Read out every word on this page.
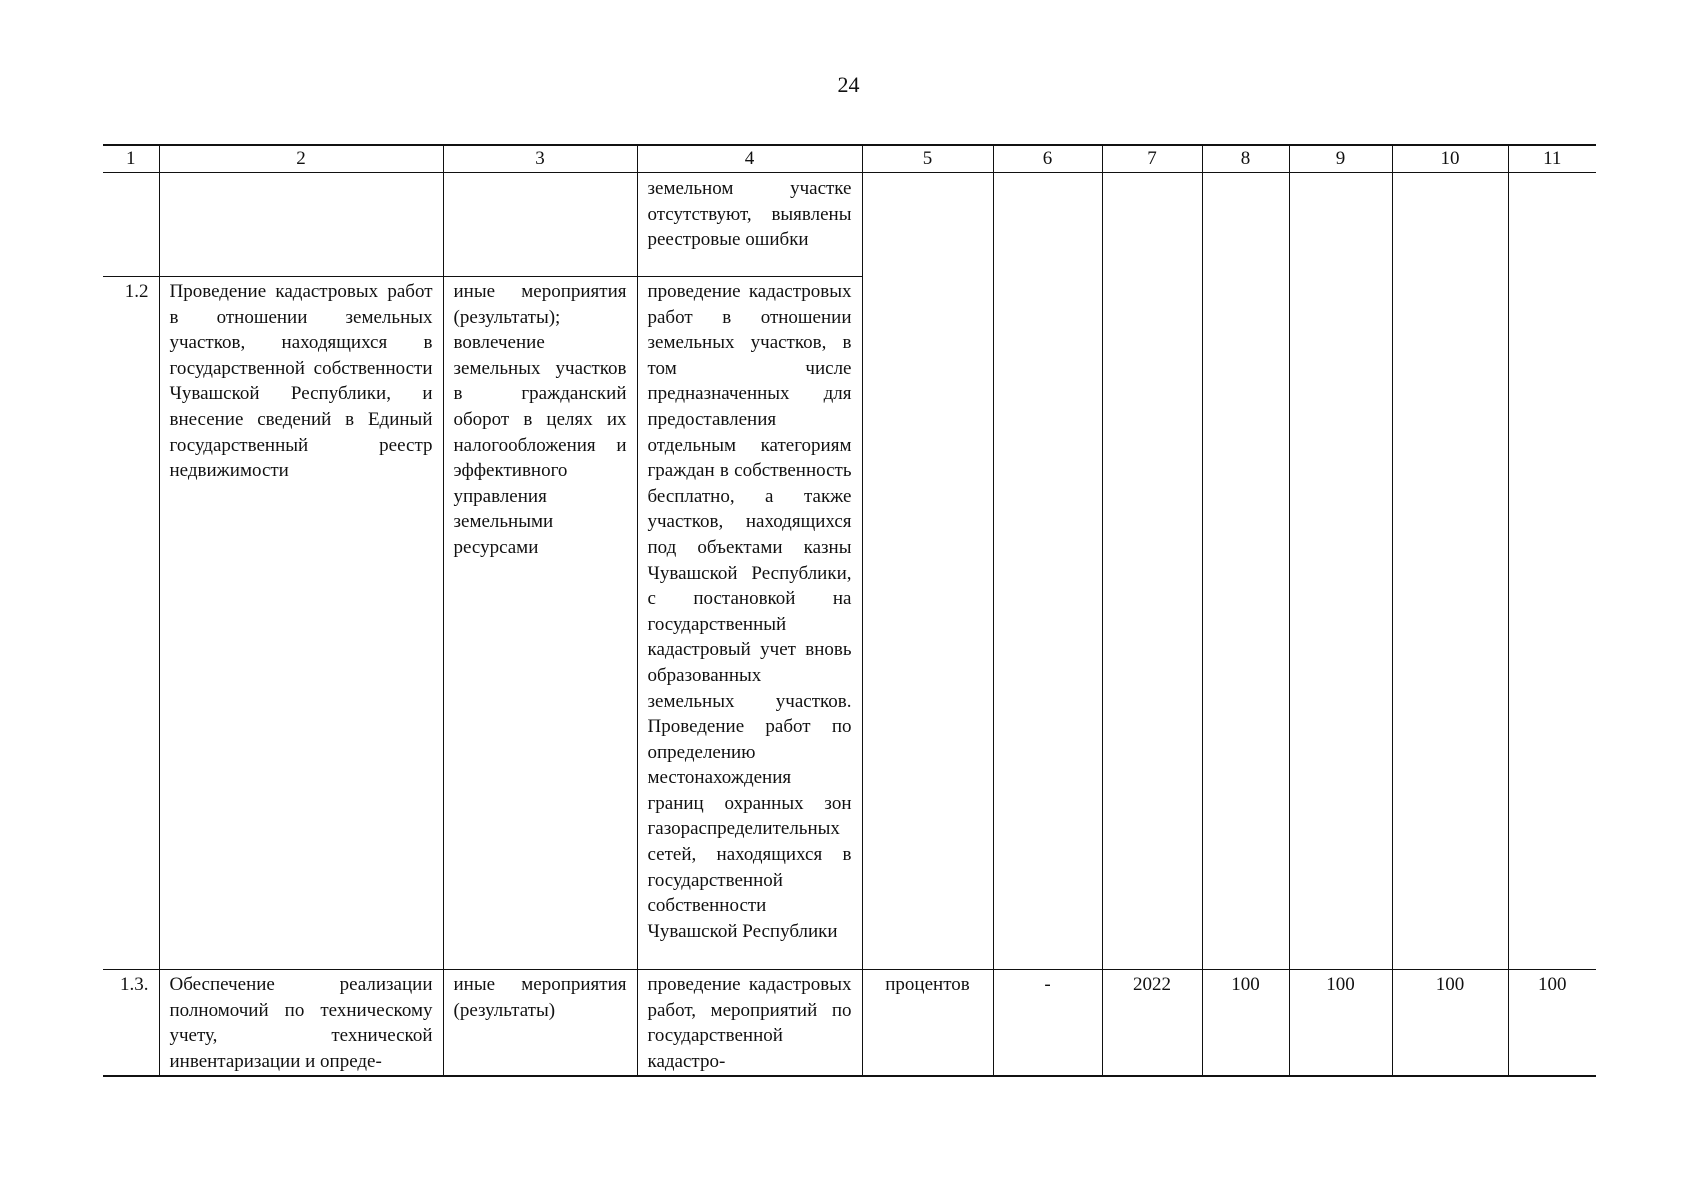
24
1	2	3	4	5	6	7	8	9	10	11

			земельном участке отсутствуют, выявлены реестровые ошибки							

1.2	Проведение кадастровых работ в отношении земельных участков, находящихся в государственной собственности Чувашской Республики, и внесение сведений в Единый государственный реестр недвижимости	иные мероприятия (результаты); вовлечение земельных участков в гражданский оборот в целях их налогообложения и эффективного управления земельными ресурсами	проведение кадастровых работ в отношении земельных участков, в том числе предназначенных для предоставления отдельным категориям граждан в собственность бесплатно, а также участков, находящихся под объектами казны Чувашской Республики, с постановкой на государственный кадастровый учет вновь образованных земельных участков. Проведение работ по определению местонахождения границ охранных зон газораспределительных сетей, находящихся в государственной собственности Чувашской Республики							
1.3.	Обеспечение реализации полномочий по техническому учету, технической инвентаризации и опреде-	иные мероприятия (результаты)	проведение кадастровых работ, мероприятий по государственной кадастро-	процентов	-	2022	100	100	100	100
